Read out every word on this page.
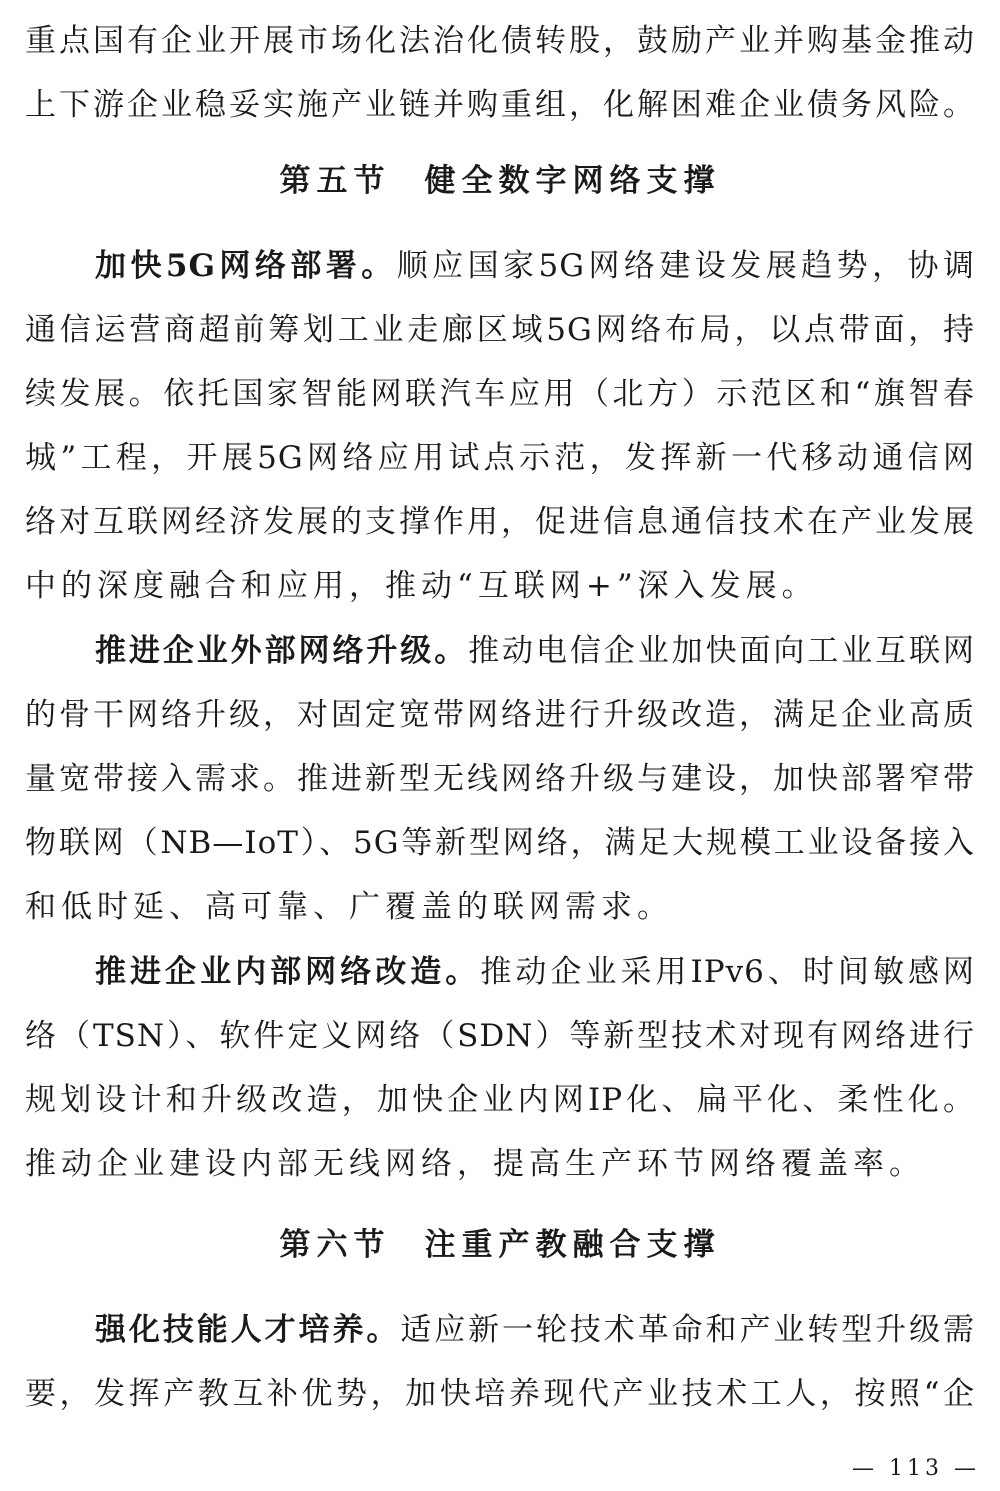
重点国有企业开展市场化法治化债转股，鼓励产业并购基金推动
上下游企业稳妥实施产业链并购重组，化解困难企业债务风险。
第五节 健全数字网络支撑
加快5G网络部署。顺应国家5G网络建设发展趋势，协调
通信运营商超前筹划工业走廊区域5G网络布局，以点带面，持
续发展。依托国家智能网联汽车应用（北方）示范区和“旗智春
城”工程，开展5G网络应用试点示范，发挥新一代移动通信网
络对互联网经济发展的支撑作用，促进信息通信技术在产业发展
中的深度融合和应用，推动“互联网+”深入发展。
推进企业外部网络升级。推动电信企业加快面向工业互联网
的骨干网络升级，对固定宽带网络进行升级改造，满足企业高质
量宽带接入需求。推进新型无线网络升级与建设，加快部署窄带
物联网（NB—IoT）、5G等新型网络，满足大规模工业设备接入
和低时延、高可靠、广覆盖的联网需求。
推进企业内部网络改造。推动企业采用IPv6、时间敏感网
络（TSN）、软件定义网络（SDN）等新型技术对现有网络进行
规划设计和升级改造，加快企业内网IP化、扁平化、柔性化。
推动企业建设内部无线网络，提高生产环节网络覆盖率。
第六节 注重产教融合支撑
强化技能人才培养。适应新一轮技术革命和产业转型升级需
要，发挥产教互补优势，加快培养现代产业技术工人，按照“企
— 113 —
